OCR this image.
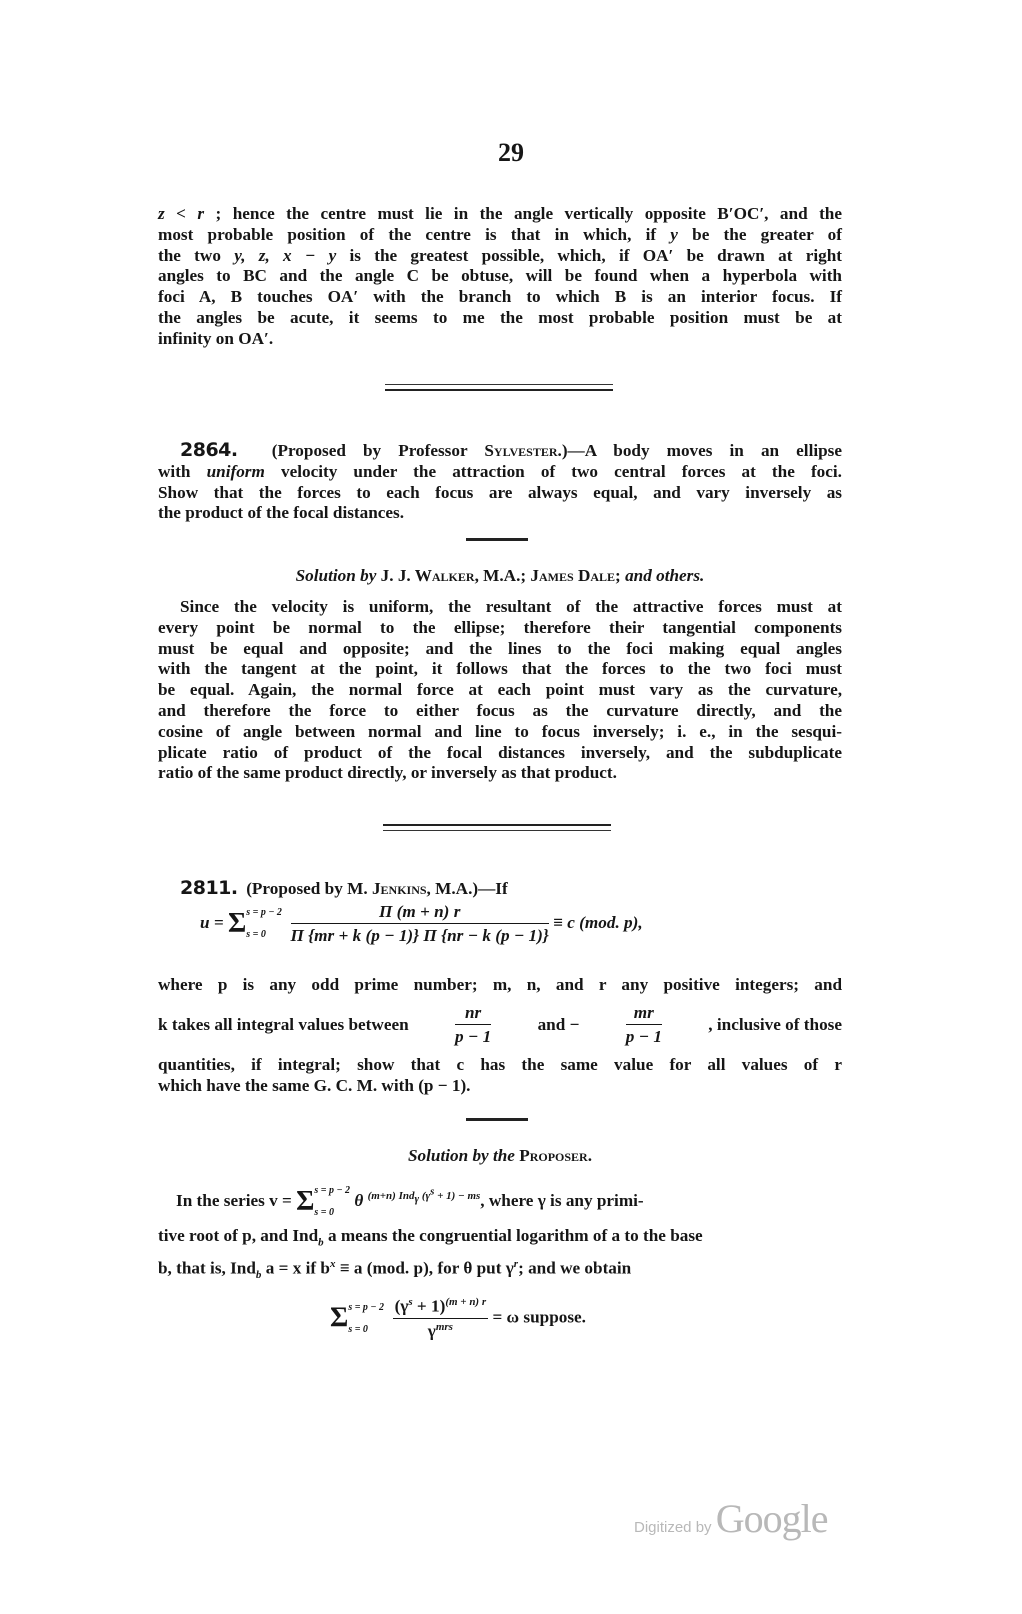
29
z < r ; hence the centre must lie in the angle vertically opposite B′OC′, and the
most probable position of the centre is that in which, if y be the greater of
the two y, z, x − y is the greatest possible, which, if OA′ be drawn at right
angles to BC and the angle C be obtuse, will be found when a hyperbola with
foci A, B touches OA′ with the branch to which B is an interior focus. If
the angles be acute, it seems to me the most probable position must be at
infinity on OA′.
2864. (Proposed by Professor Sylvester.)—A body moves in an ellipse
with uniform velocity under the attraction of two central forces at the foci.
Show that the forces to each focus are always equal, and vary inversely as
the product of the focal distances.
Solution by J. J. Walker, M.A.; James Dale; and others.
Since the velocity is uniform, the resultant of the attractive forces must at
every point be normal to the ellipse; therefore their tangential components
must be equal and opposite; and the lines to the foci making equal angles
with the tangent at the point, it follows that the forces to the two foci must
be equal. Again, the normal force at each point must vary as the curvature,
and therefore the force to either focus as the curvature directly, and the
cosine of angle between normal and line to focus inversely; i. e., in the sesqui-
plicate ratio of product of the focal distances inversely, and the subduplicate
ratio of the same product directly, or inversely as that product.
2811. (Proposed by M. Jenkins, M.A.)—If
u = Σ s = p − 2
s = 0
	$\frac{\Pi (m + n) r}{\Pi \{mr + k (p - 1)\} \Pi \{nr - k (p - 1)\}} \equiv c$ (mod. p),
where p is any odd prime number; m, n, and r any positive integers; and
k takes all integral values between	$\frac{nr}{p - 1}$	and −	$\frac{mr}{p - 1}$	, inclusive of those
quantities, if integral; show that c has the same value for all values of r
which have the same G. C. M. with (p − 1).
Solution by the Proposer.
In the series v = Σ s = p − 2
s = 0
θ $^{(m+n) Ind_\gamma (\gamma^s + 1) - ms}$, where γ is any primi-
tive root of p, and Ind$_b$ a means the congruential logarithm of a to the base
b, that is, Ind$_b$ a = x if $b^x \equiv a$ (mod. p), for θ put $\gamma^r$; and we obtain
Σ s = p − 2
s = 0
	$\frac{(\gamma^s + 1)^{(m + n) r}}{\gamma^{mrs}} = \omega$ suppose.
Digitized by Google
